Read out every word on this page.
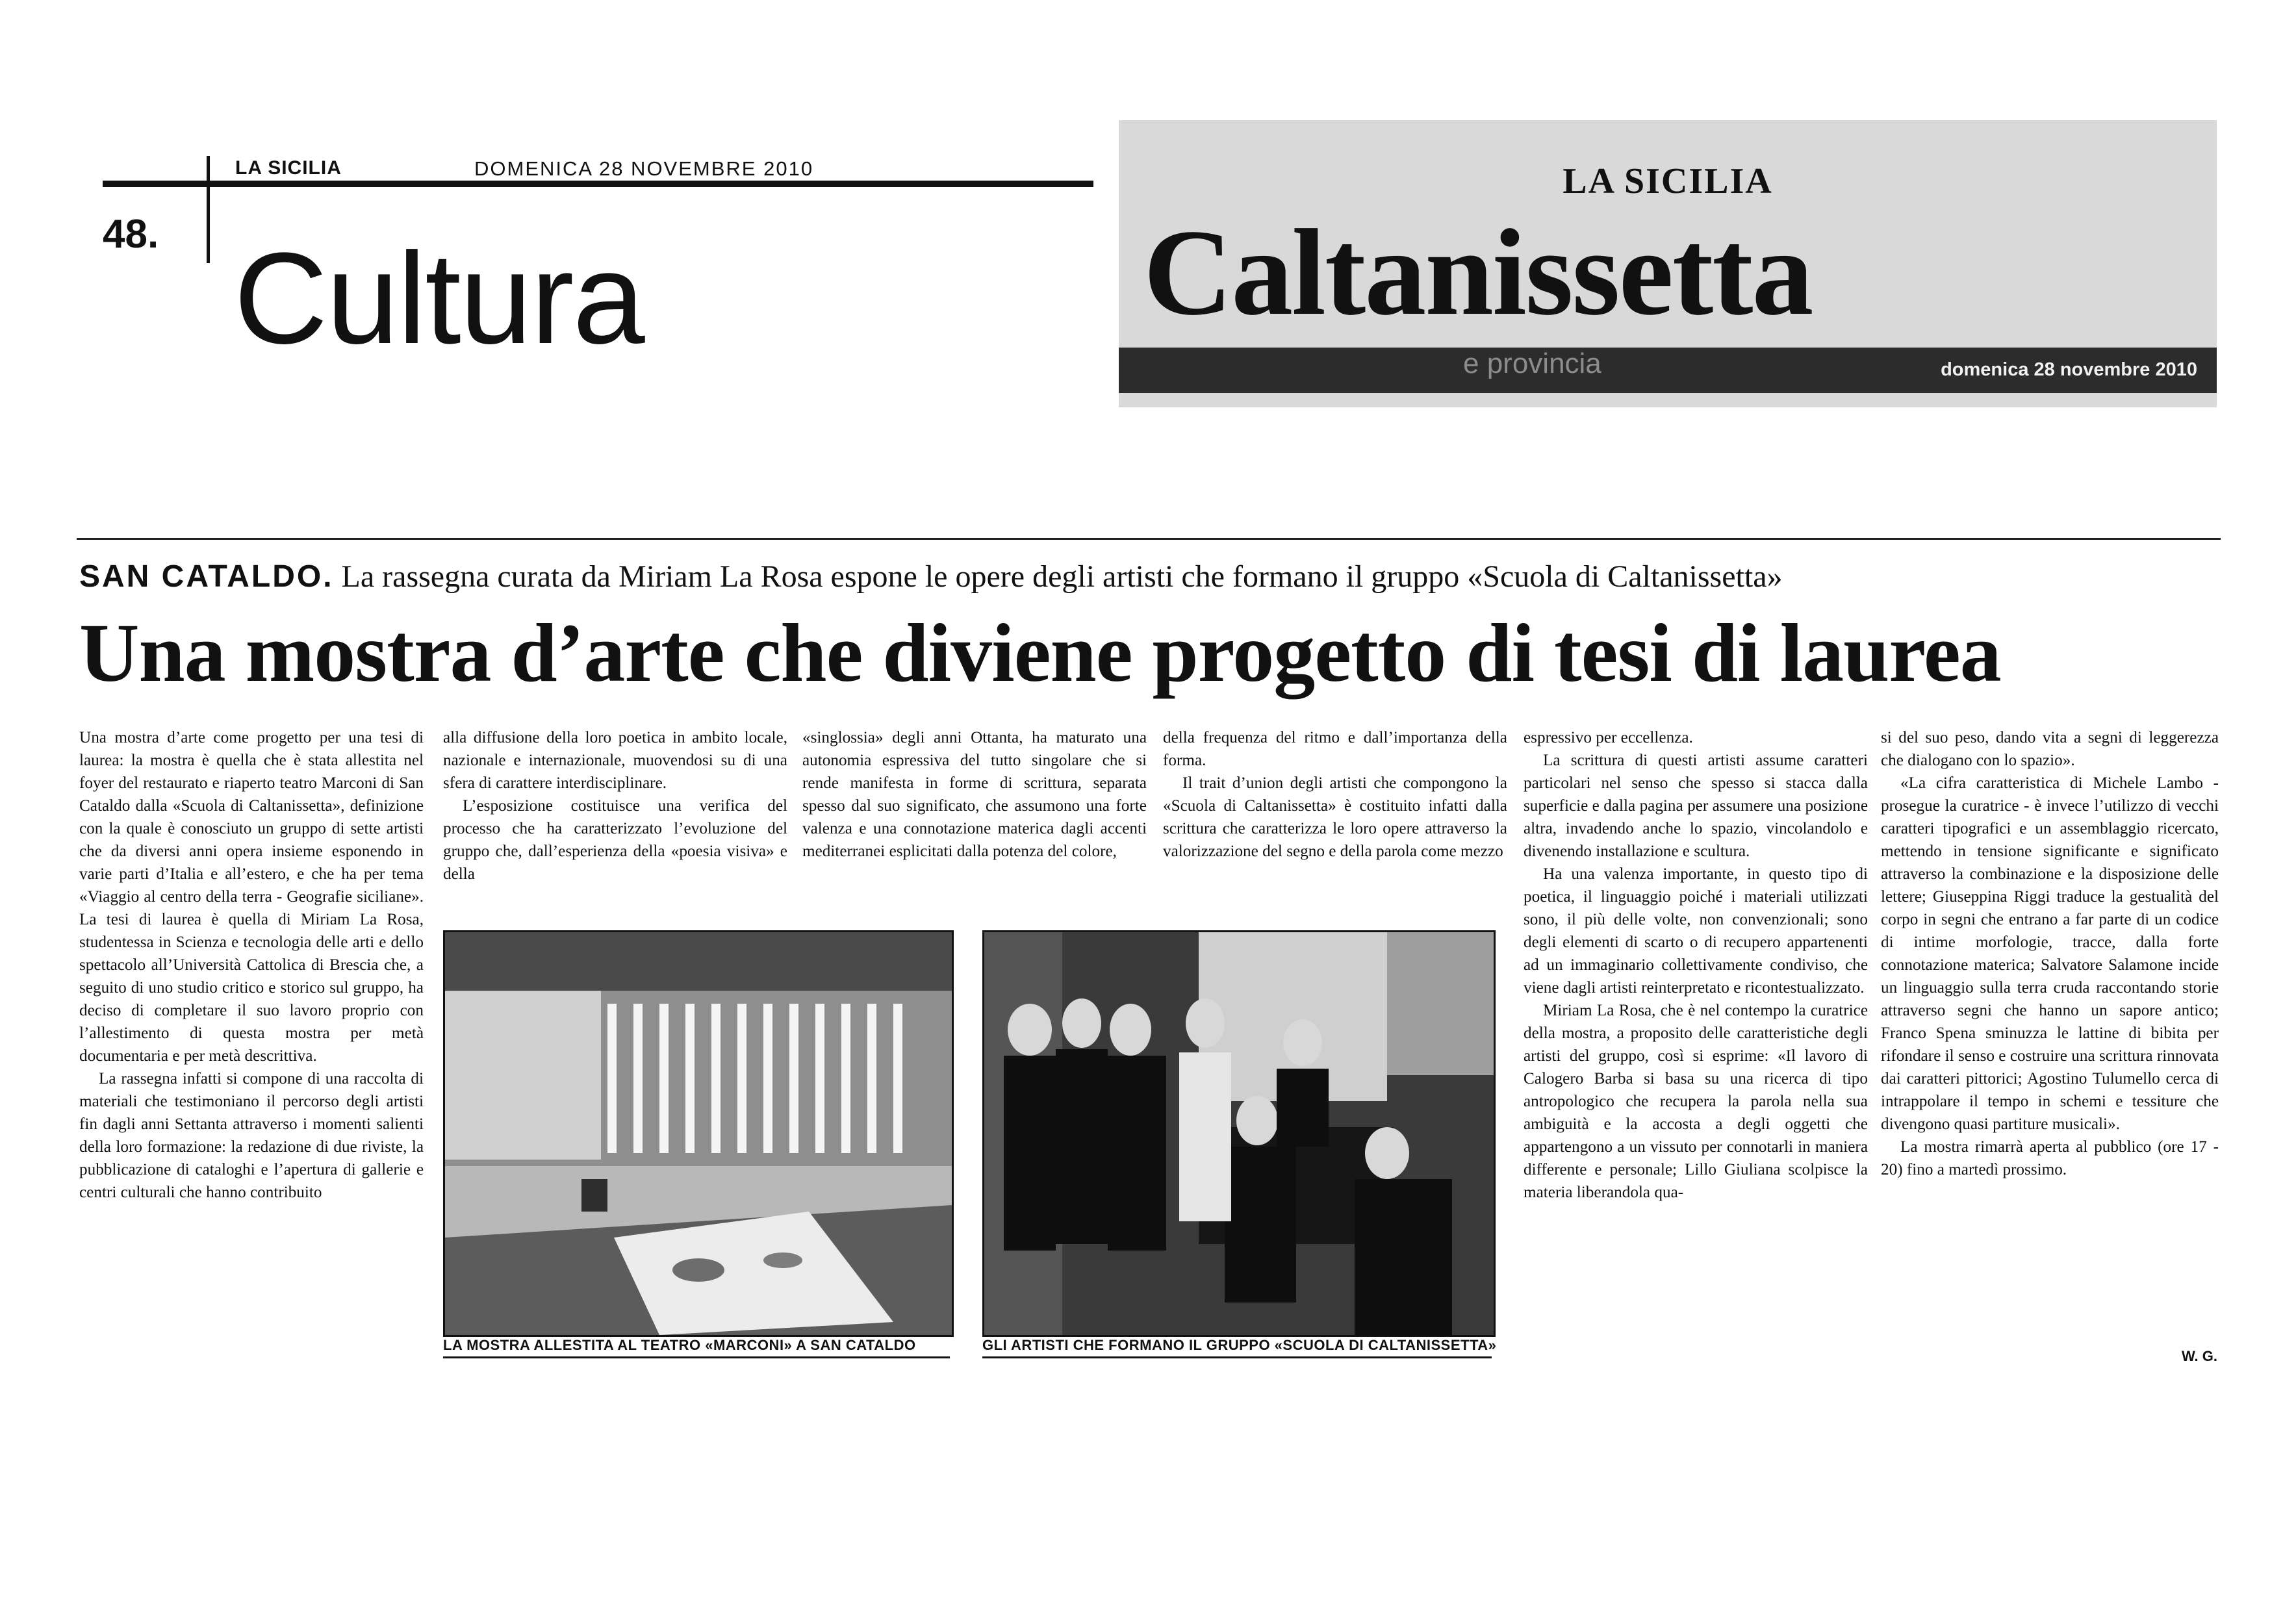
LA SICILIA	DOMENICA 28 NOVEMBRE 2010
48. Cultura
LA SICILIA
Caltanissetta
e provincia	domenica 28 novembre 2010
SAN CATALDO. La rassegna curata da Miriam La Rosa espone le opere degli artisti che formano il gruppo «Scuola di Caltanissetta»
Una mostra d’arte che diviene progetto di tesi di laurea

Una mostra d’arte come progetto per una tesi di laurea: la mostra è quella che è stata allestita nel foyer del restaurato e riaperto teatro Marconi di San Cataldo dalla «Scuola di Caltanissetta», definizione con la quale è conosciuto un gruppo di sette artisti che da diversi anni opera insieme esponendo in varie parti d’Italia e all’estero, e che ha per tema «Viaggio al centro della terra - Geografie siciliane». La tesi di laurea è quella di Miriam La Rosa, studentessa in Scienza e tecnologia delle arti e dello spettacolo all’Università Cattolica di Brescia che, a seguito di uno studio critico e storico sul gruppo, ha deciso di completare il suo lavoro proprio con l’allestimento di questa mostra per metà documentaria e per metà descrittiva.

La rassegna infatti si compone di una raccolta di materiali che testimoniano il percorso degli artisti fin dagli anni Settanta attraverso i momenti salienti della loro formazione: la redazione di due riviste, la pubblicazione di cataloghi e l’apertura di gallerie e centri culturali che hanno contribuito

alla diffusione della loro poetica in ambito locale, nazionale e internazionale, muovendosi su di una sfera di carattere interdisciplinare.

L’esposizione costituisce una verifica del processo che ha caratterizzato l’evoluzione del gruppo che, dall’esperienza della «poesia visiva» e della

«singlossia» degli anni Ottanta, ha maturato una autonomia espressiva del tutto singolare che si rende manifesta in forme di scrittura, separata spesso dal suo significato, che assumono una forte valenza e una connotazione materica dagli accenti mediterranei esplicitati dalla potenza del colore,

della frequenza del ritmo e dall’importanza della forma.

Il trait d’union degli artisti che compongono la «Scuola di Caltanissetta» è costituito infatti dalla scrittura che caratterizza le loro opere attraverso la valorizzazione del segno e della parola come mezzo

espressivo per eccellenza.

La scrittura di questi artisti assume caratteri particolari nel senso che spesso si stacca dalla superficie e dalla pagina per assumere una posizione altra, invadendo anche lo spazio, vincolandolo e divenendo installazione e scultura.

Ha una valenza importante, in questo tipo di poetica, il linguaggio poiché i materiali utilizzati sono, il più delle volte, non convenzionali; sono degli elementi di scarto o di recupero appartenenti ad un immaginario collettivamente condiviso, che viene dagli artisti reinterpretato e ricontestualizzato.

Miriam La Rosa, che è nel contempo la curatrice della mostra, a proposito delle caratteristiche degli artisti del gruppo, così si esprime: «Il lavoro di Calogero Barba si basa su una ricerca di tipo antropologico che recupera la parola nella sua ambiguità e la accosta a degli oggetti che appartengono a un vissuto per connotarli in maniera differente e personale; Lillo Giuliana scolpisce la materia liberandola qua-

si del suo peso, dando vita a segni di leggerezza che dialogano con lo spazio».

«La cifra caratteristica di Michele Lambo - prosegue la curatrice - è invece l’utilizzo di vecchi caratteri tipografici e un assemblaggio ricercato, mettendo in tensione significante e significato attraverso la combinazione e la disposizione delle lettere; Giuseppina Riggi traduce la gestualità del corpo in segni che entrano a far parte di un codice di intime morfologie, tracce, dalla forte connotazione materica; Salvatore Salamone incide un linguaggio sulla terra cruda raccontando storie attraverso segni che hanno un sapore antico; Franco Spena sminuzza le lattine di bibita per rifondare il senso e costruire una scrittura rinnovata dai caratteri pittorici; Agostino Tulumello cerca di intrappolare il tempo in schemi e tessiture che divengono quasi partiture musicali».

La mostra rimarrà aperta al pubblico (ore 17 - 20) fino a martedì prossimo.

LA MOSTRA ALLESTITA AL TEATRO «MARCONI» A SAN CATALDO	GLI ARTISTI CHE FORMANO IL GRUPPO «SCUOLA DI CALTANISSETTA»
W. G.
